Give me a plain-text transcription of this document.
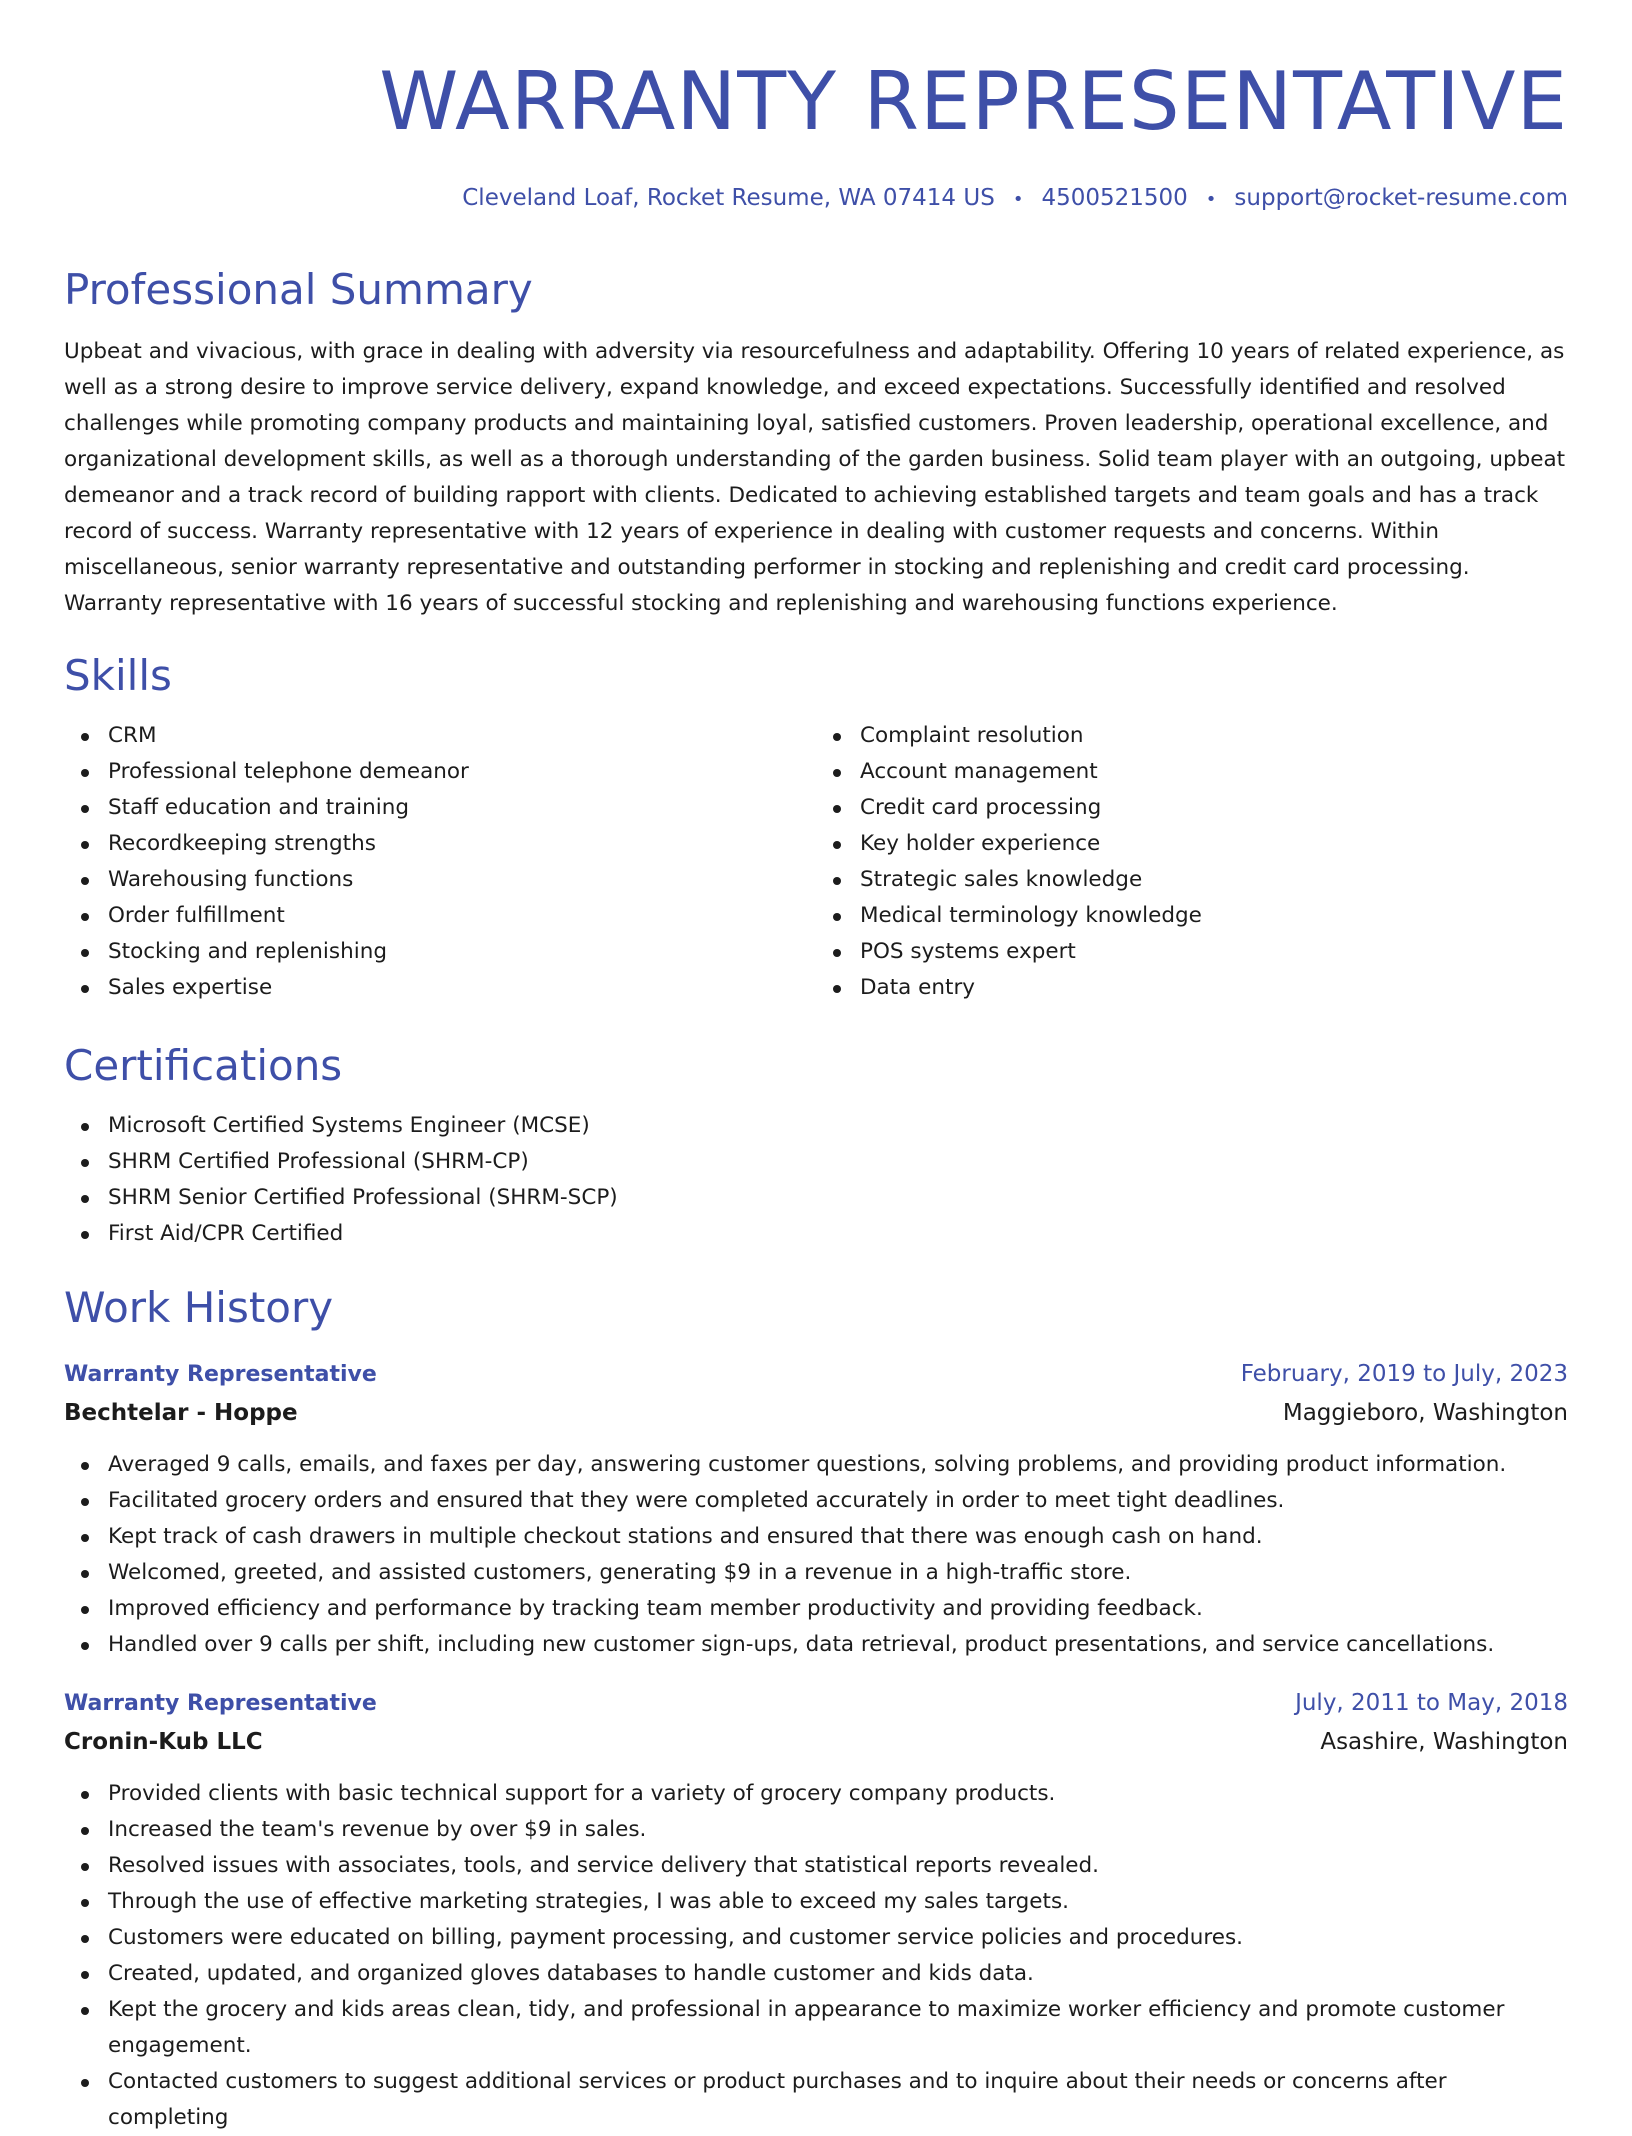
WARRANTY REPRESENTATIVE
Cleveland Loaf, Rocket Resume, WA 07414 US • 4500521500 • support@rocket-resume.com
Professional Summary

Upbeat and vivacious, with grace in dealing with adversity via resourcefulness and adaptability. Offering 10 years of related experience, as well as a strong desire to improve service delivery, expand knowledge, and exceed expectations. Successfully identified and resolved challenges while promoting company products and maintaining loyal, satisfied customers. Proven leadership, operational excellence, and organizational development skills, as well as a thorough understanding of the garden business. Solid team player with an outgoing, upbeat demeanor and a track record of building rapport with clients. Dedicated to achieving established targets and team goals and has a track record of success. Warranty representative with 12 years of experience in dealing with customer requests and concerns. Within miscellaneous, senior warranty representative and outstanding performer in stocking and replenishing and credit card processing. Warranty representative with 16 years of successful stocking and replenishing and warehousing functions experience.

Skills
CRM
Professional telephone demeanor
Staff education and training
Recordkeeping strengths
Warehousing functions
Order fulfillment
Stocking and replenishing
Sales expertise
Complaint resolution
Account management
Credit card processing
Key holder experience
Strategic sales knowledge
Medical terminology knowledge
POS systems expert
Data entry
Certifications
Microsoft Certified Systems Engineer (MCSE)
SHRM Certified Professional (SHRM-CP)
SHRM Senior Certified Professional (SHRM-SCP)
First Aid/CPR Certified
Work History
Warranty Representative	February, 2019 to July, 2023
Bechtelar - Hoppe	Maggieboro, Washington
Averaged 9 calls, emails, and faxes per day, answering customer questions, solving problems, and providing product information.
Facilitated grocery orders and ensured that they were completed accurately in order to meet tight deadlines.
Kept track of cash drawers in multiple checkout stations and ensured that there was enough cash on hand.
Welcomed, greeted, and assisted customers, generating $9 in a revenue in a high-traffic store.
Improved efficiency and performance by tracking team member productivity and providing feedback.
Handled over 9 calls per shift, including new customer sign-ups, data retrieval, product presentations, and service cancellations.
Warranty Representative	July, 2011 to May, 2018
Cronin-Kub LLC	Asashire, Washington
Provided clients with basic technical support for a variety of grocery company products.
Increased the team's revenue by over $9 in sales.
Resolved issues with associates, tools, and service delivery that statistical reports revealed.
Through the use of effective marketing strategies, I was able to exceed my sales targets.
Customers were educated on billing, payment processing, and customer service policies and procedures.
Created, updated, and organized gloves databases to handle customer and kids data.
Kept the grocery and kids areas clean, tidy, and professional in appearance to maximize worker efficiency and promote customer engagement.
Contacted customers to suggest additional services or product purchases and to inquire about their needs or concerns after completing
